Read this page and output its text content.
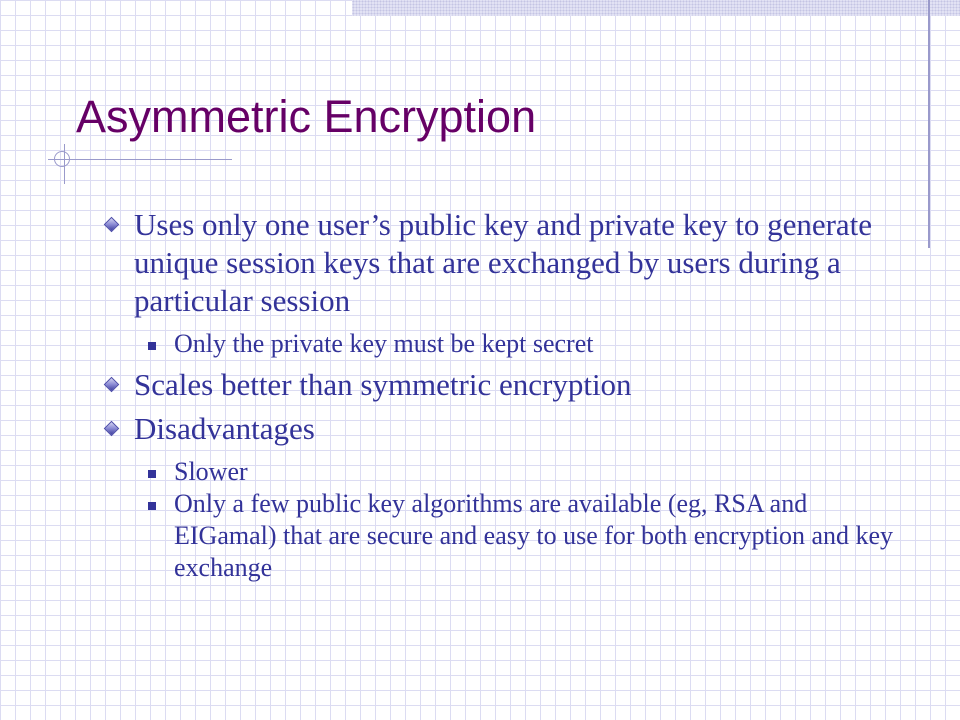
Asymmetric Encryption
Uses only one user’s public key and private key to generate unique session keys that are exchanged by users during a particular session
Only the private key must be kept secret
Scales better than symmetric encryption
Disadvantages
Slower
Only a few public key algorithms are available (eg, RSA and EIGamal) that are secure and easy to use for both encryption and key exchange
